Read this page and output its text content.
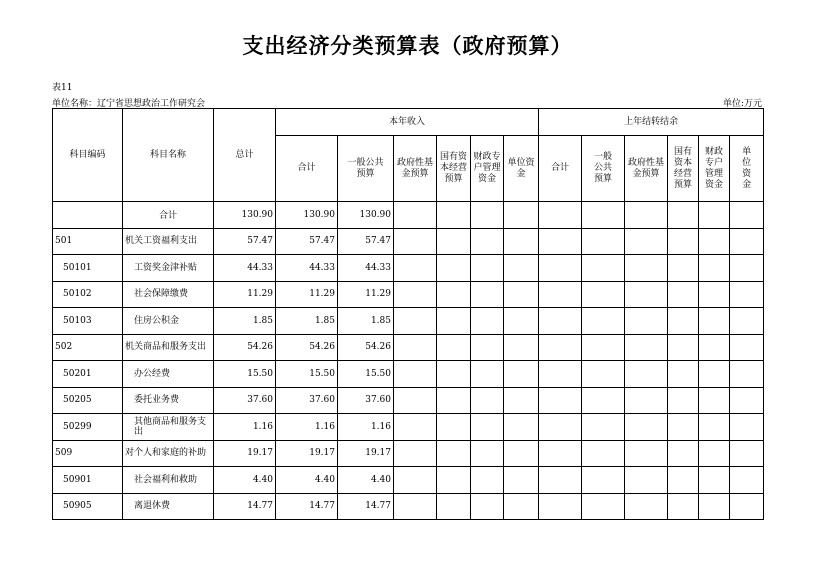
支出经济分类预算表（政府预算）
表11
单位名称：辽宁省思想政治工作研究会	单位:万元
科目编码	科目名称	总计	本年收入						上年结转结余					
			合计	一般公共预算	政府性基金预算	国有资本经营预算	财政专户管理资金	单位资金	合计	一般公共预算	政府性基金预算	国有资本经营预算	财政专户管理资金	单位资金
	合计	130.90	130.90	130.90										
501	机关工资福利支出	57.47	57.47	57.47										
50101	工资奖金津补贴	44.33	44.33	44.33										
50102	社会保障缴费	11.29	11.29	11.29										
50103	住房公积金	1.85	1.85	1.85										
502	机关商品和服务支出	54.26	54.26	54.26										
50201	办公经费	15.50	15.50	15.50										
50205	委托业务费	37.60	37.60	37.60										
50299	其他商品和服务支出	1.16	1.16	1.16										
509	对个人和家庭的补助	19.17	19.17	19.17										
50901	社会福利和救助	4.40	4.40	4.40										
50905	离退休费	14.77	14.77	14.77										
